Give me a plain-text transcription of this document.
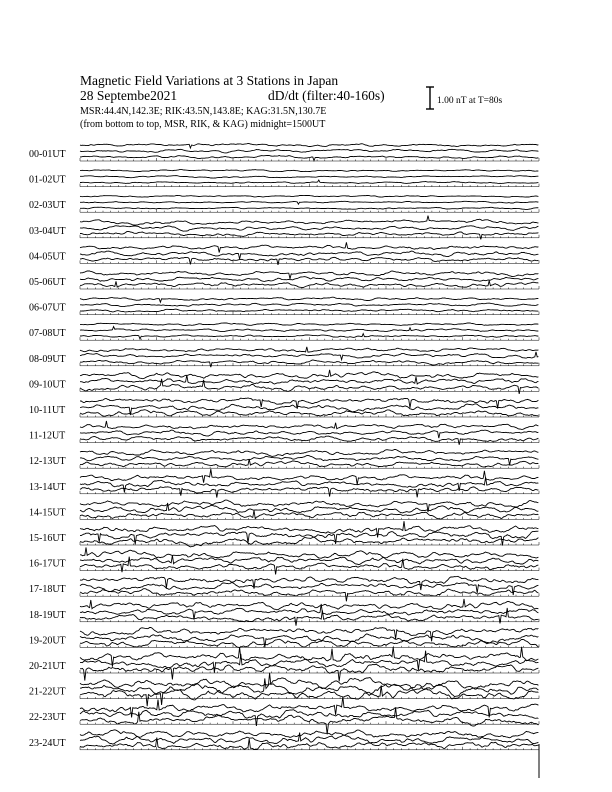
Magnetic Field Variations at 3 Stations in Japan
28 Septembe2021	dD/dt (filter:40-160s)
MSR:44.4N,142.3E; RIK:43.5N,143.8E; KAG:31.5N,130.7E
(from bottom to top, MSR, RIK, & KAG) midnight=1500UT
1.00 nT at T=80s
00-01UT
01-02UT
02-03UT
03-04UT
04-05UT
05-06UT
06-07UT
07-08UT
08-09UT
09-10UT
10-11UT
11-12UT
12-13UT
13-14UT
14-15UT
15-16UT
16-17UT
17-18UT
18-19UT
19-20UT
20-21UT
21-22UT
22-23UT
23-24UT
